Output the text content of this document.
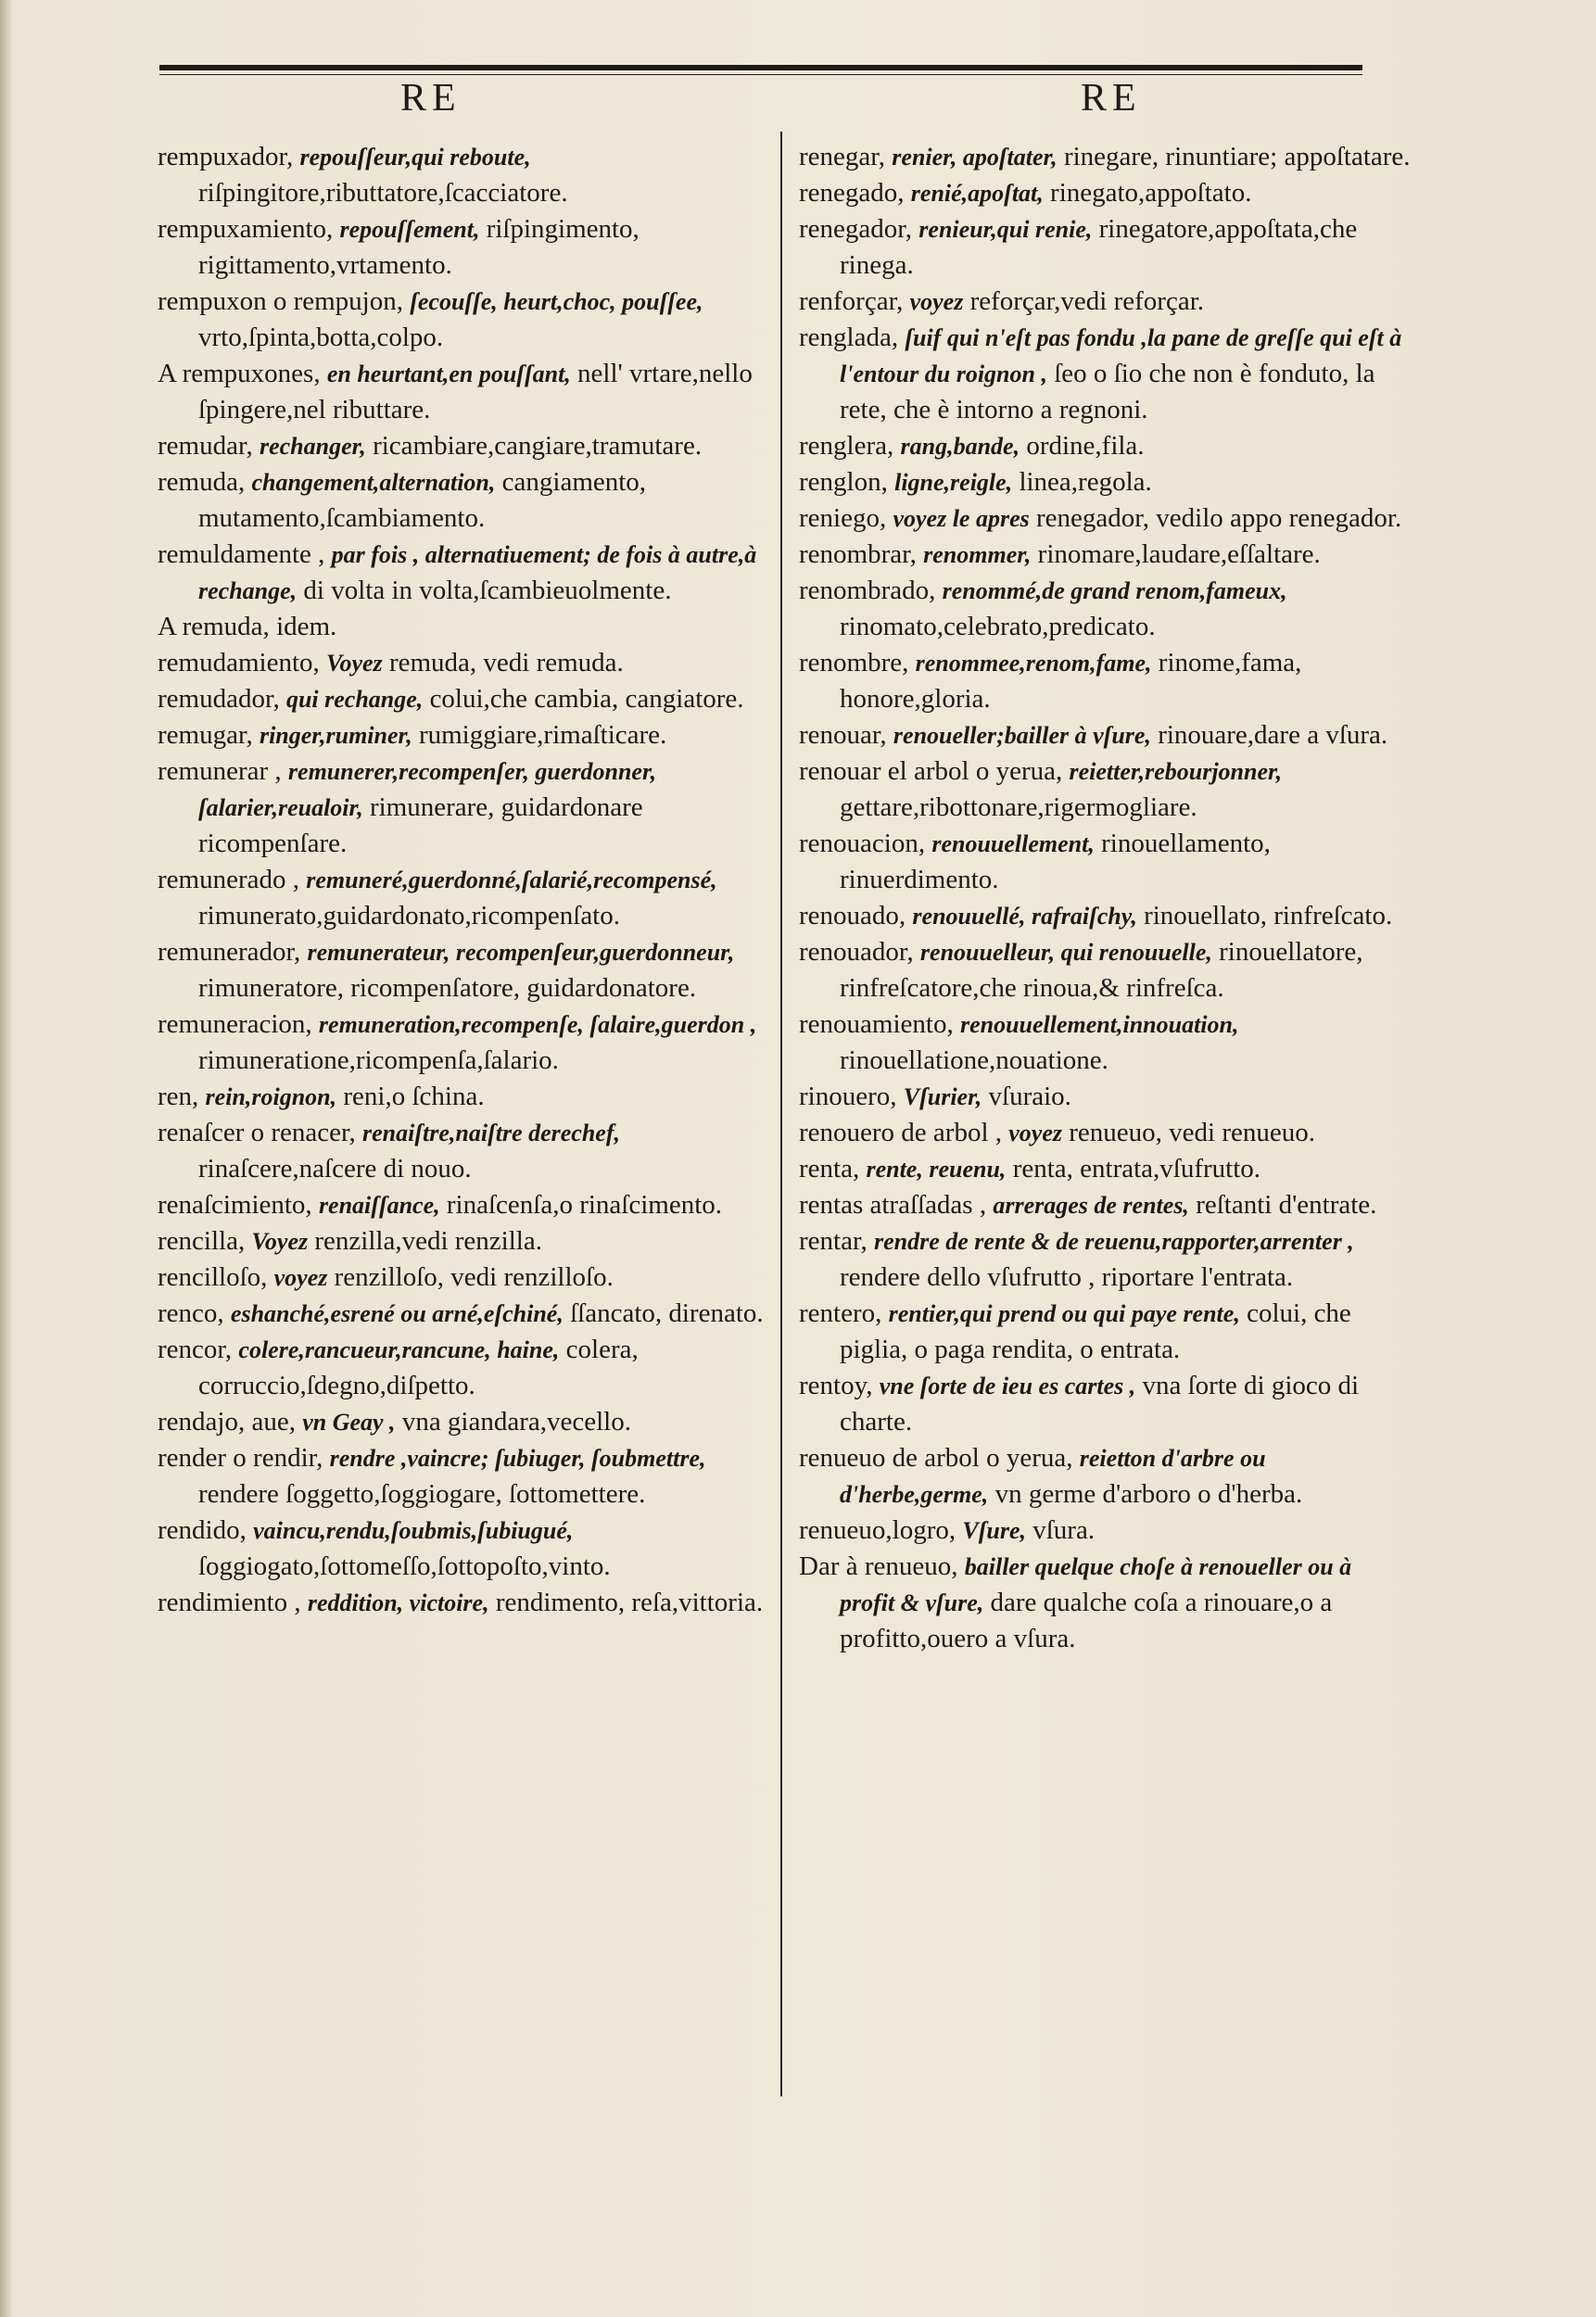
RE	RE

rempuxador, repouſſeur,qui reboute, riſpingitore,ributtatore,ſcacciatore.

rempuxamiento, repouſſement, riſpingimento, rigittamento,vrtamento.

rempuxon o rempujon, ſecouſſe, heurt,choc, pouſſee, vrto,ſpinta,botta,colpo.

A rempuxones, en heurtant,en pouſſant, nell' vrtare,nello ſpingere,nel ributtare.

remudar, rechanger, ricambiare,cangiare,tramutare.

remuda, changement,alternation, cangiamento, mutamento,ſcambiamento.

remuldamente , par fois , alternatiuement; de fois à autre,à rechange, di volta in volta,ſcambieuolmente.

A remuda, idem.

remudamiento, Voyez remuda, vedi remuda.

remudador, qui rechange, colui,che cambia, cangiatore.

remugar, ringer,ruminer, rumiggiare,rimaſticare.

remunerar , remunerer,recompenſer, guerdonner, ſalarier,reualoir, rimunerare, guidardonare ricompenſare.

remunerado , remuneré,guerdonné,ſalarié,recompensé, rimunerato,guidardonato,ricompenſato.

remunerador, remunerateur, recompenſeur,guerdonneur, rimuneratore, ricompenſatore, guidardonatore.

remuneracion, remuneration,recompenſe, ſalaire,guerdon , rimuneratione,ricompenſa,ſalario.

ren, rein,roignon, reni,o ſchina.

renaſcer o renacer, renaiſtre,naiſtre derechef, rinaſcere,naſcere di nouo.

renaſcimiento, renaiſſance, rinaſcenſa,o rinaſcimento.

rencilla, Voyez renzilla,vedi renzilla.

rencilloſo, voyez renzilloſo, vedi renzilloſo.

renco, eshanché,esrené ou arné,eſchiné, ſſancato, direnato.

rencor, colere,rancueur,rancune, haine, colera, corruccio,ſdegno,diſpetto.

rendajo, aue, vn Geay , vna giandara,vecello.

render o rendir, rendre ,vaincre; ſubiuger, ſoubmettre, rendere ſoggetto,ſoggiogare, ſottomettere.

rendido, vaincu,rendu,ſoubmis,ſubiugué, ſoggiogato,ſottomeſſo,ſottopoſto,vinto.

rendimiento , reddition, victoire, rendimento, reſa,vittoria.

renegar, renier, apoſtater, rinegare, rinuntiare; appoſtatare.

renegado, renié,apoſtat, rinegato,appoſtato.

renegador, renieur,qui renie, rinegatore,appoſtata,che rinega.

renforçar, voyez reforçar,vedi reforçar.

renglada, ſuif qui n'eſt pas fondu ,la pane de greſſe qui eſt à l'entour du roignon , ſeo o ſio che non è fonduto, la rete, che è intorno a regnoni.

renglera, rang,bande, ordine,fila.

renglon, ligne,reigle, linea,regola.

reniego, voyez le apres renegador, vedilo appo renegador.

renombrar, renommer, rinomare,laudare,eſſaltare.

renombrado, renommé,de grand renom,fameux, rinomato,celebrato,predicato.

renombre, renommee,renom,fame, rinome,fama, honore,gloria.

renouar, renoueller;bailler à vſure, rinouare,dare a vſura.

renouar el arbol o yerua, reietter,rebourjonner, gettare,ribottonare,rigermogliare.

renouacion, renouuellement, rinouellamento, rinuerdimento.

renouado, renouuellé, rafraiſchy, rinouellato, rinfreſcato.

renouador, renouuelleur, qui renouuelle, rinouellatore, rinfreſcatore,che rinoua,& rinfreſca.

renouamiento, renouuellement,innouation, rinouellatione,nouatione.

rinouero, Vſurier, vſuraio.

renouero de arbol , voyez renueuo, vedi renueuo.

renta, rente, reuenu, renta, entrata,vſufrutto.

rentas atraſſadas , arrerages de rentes, reſtanti d'entrate.

rentar, rendre de rente & de reuenu,rapporter,arrenter , rendere dello vſufrutto , riportare l'entrata.

rentero, rentier,qui prend ou qui paye rente, colui, che piglia, o paga rendita, o entrata.

rentoy, vne ſorte de ieu es cartes , vna ſorte di gioco di charte.

renueuo de arbol o yerua, reietton d'arbre ou d'herbe,germe, vn germe d'arboro o d'herba.

renueuo,logro, Vſure, vſura.

Dar à renueuo, bailler quelque choſe à renoueller ou à profit & vſure, dare qualche coſa a rinouare,o a profitto,ouero a vſura.
